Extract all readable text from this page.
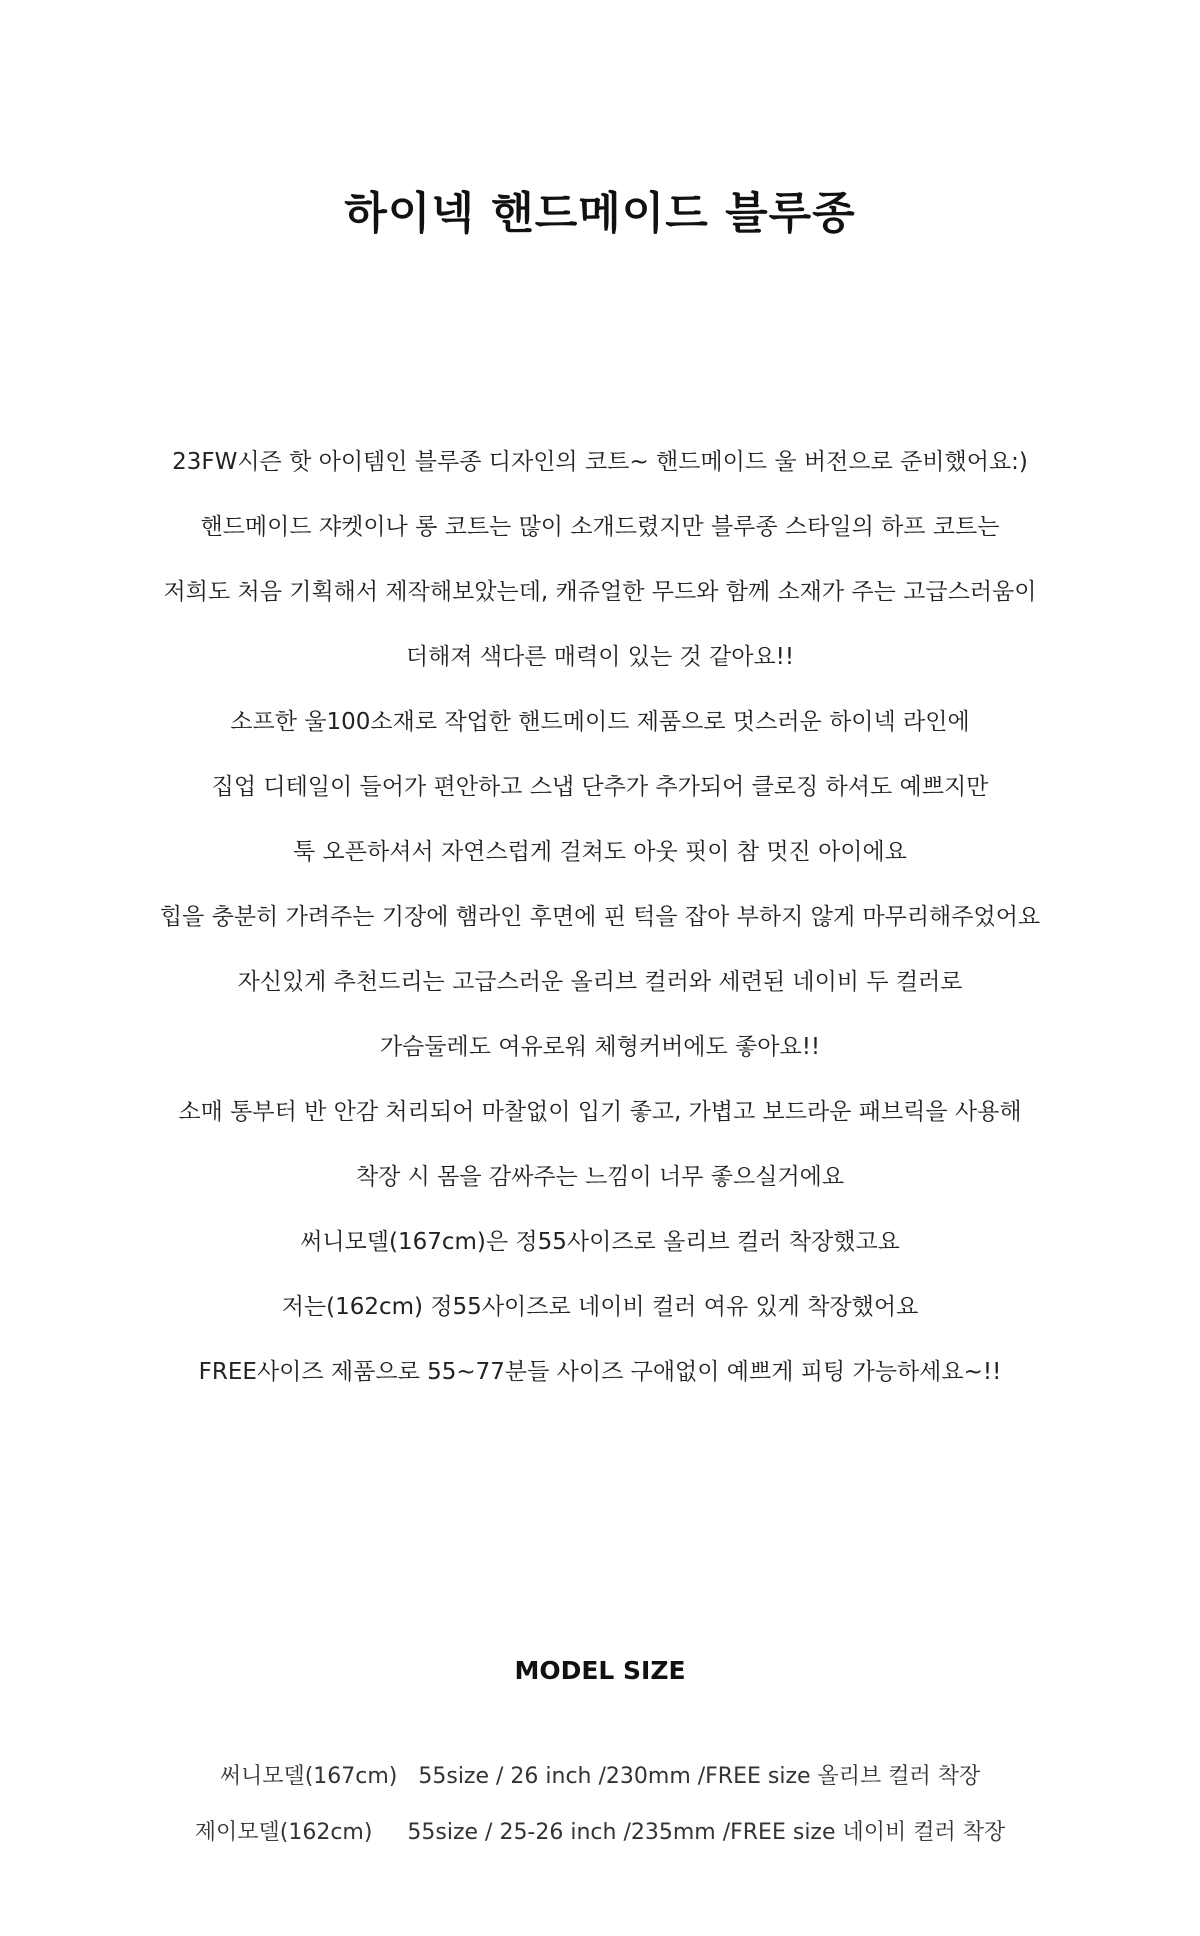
하이넥 핸드메이드 블루종
23FW시즌 핫 아이템인 블루종 디자인의 코트~ 핸드메이드 울 버전으로 준비했어요:)
핸드메이드 쟈켓이나 롱 코트는 많이 소개드렸지만 블루종 스타일의 하프 코트는
저희도 처음 기획해서 제작해보았는데, 캐쥬얼한 무드와 함께 소재가 주는 고급스러움이
더해져 색다른 매력이 있는 것 같아요!!
소프한 울100소재로 작업한 핸드메이드 제품으로 멋스러운 하이넥 라인에
집업 디테일이 들어가 편안하고 스냅 단추가 추가되어 클로징 하셔도 예쁘지만
툭 오픈하셔서 자연스럽게 걸쳐도 아웃 핏이 참 멋진 아이에요
힙을 충분히 가려주는 기장에 햄라인 후면에 핀 턱을 잡아 부하지 않게 마무리해주었어요
자신있게 추천드리는 고급스러운 올리브 컬러와 세련된 네이비 두 컬러로
가슴둘레도 여유로워 체형커버에도 좋아요!!
소매 통부터 반 안감 처리되어 마찰없이 입기 좋고, 가볍고 보드라운 패브릭을 사용해
착장 시 몸을 감싸주는 느낌이 너무 좋으실거에요
써니모델(167cm)은 정55사이즈로 올리브 컬러 착장했고요
저는(162cm) 정55사이즈로 네이비 컬러 여유 있게 착장했어요
FREE사이즈 제품으로 55~77분들 사이즈 구애없이 예쁘게 피팅 가능하세요~!!
MODEL SIZE
써니모델(167cm)   55size / 26 inch /230mm /FREE size 올리브 컬러 착장
제이모델(162cm)     55size / 25-26 inch /235mm /FREE size 네이비 컬러 착장
